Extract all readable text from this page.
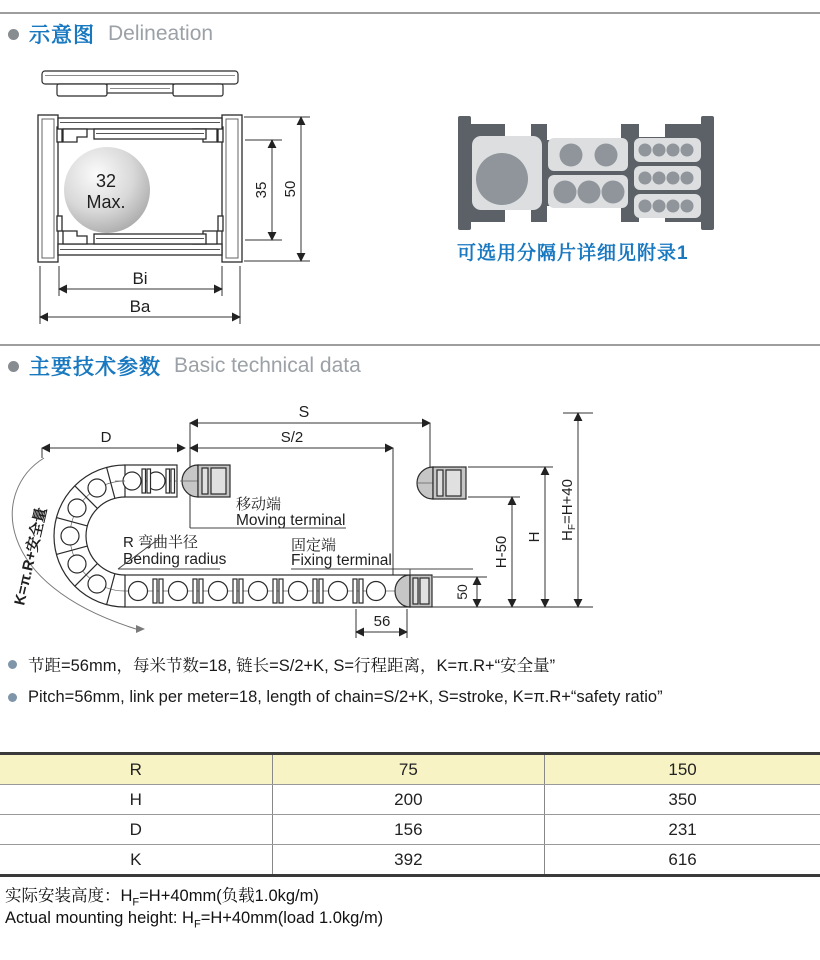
示意图 Delineation
32
Max.
35 50
Bi
Ba
可选用分隔片详细见附录1
主要技术参数 Basic technical data
S
S/2
D
K=π.R+安全量
移动端
Moving terminal
固定端
Fixing terminal
R 弯曲半径
Bending radius
56
50
H-50 H $H_F=H+40$
节距=56mm，每米节数=18, 链长=S/2+K, S=行程距离，K=π.R+“安全量”
Pitch=56mm, link per meter=18, length of chain=S/2+K, S=stroke, K=π.R+“safety ratio”
R	75	150
H	200	350
D	156	231
K	392	616
实际安装高度：$H_F=H+40mm$(负载1.0kg/m)
Actual mounting height: $H_F=H+40mm(load$ 1.0kg/m)
